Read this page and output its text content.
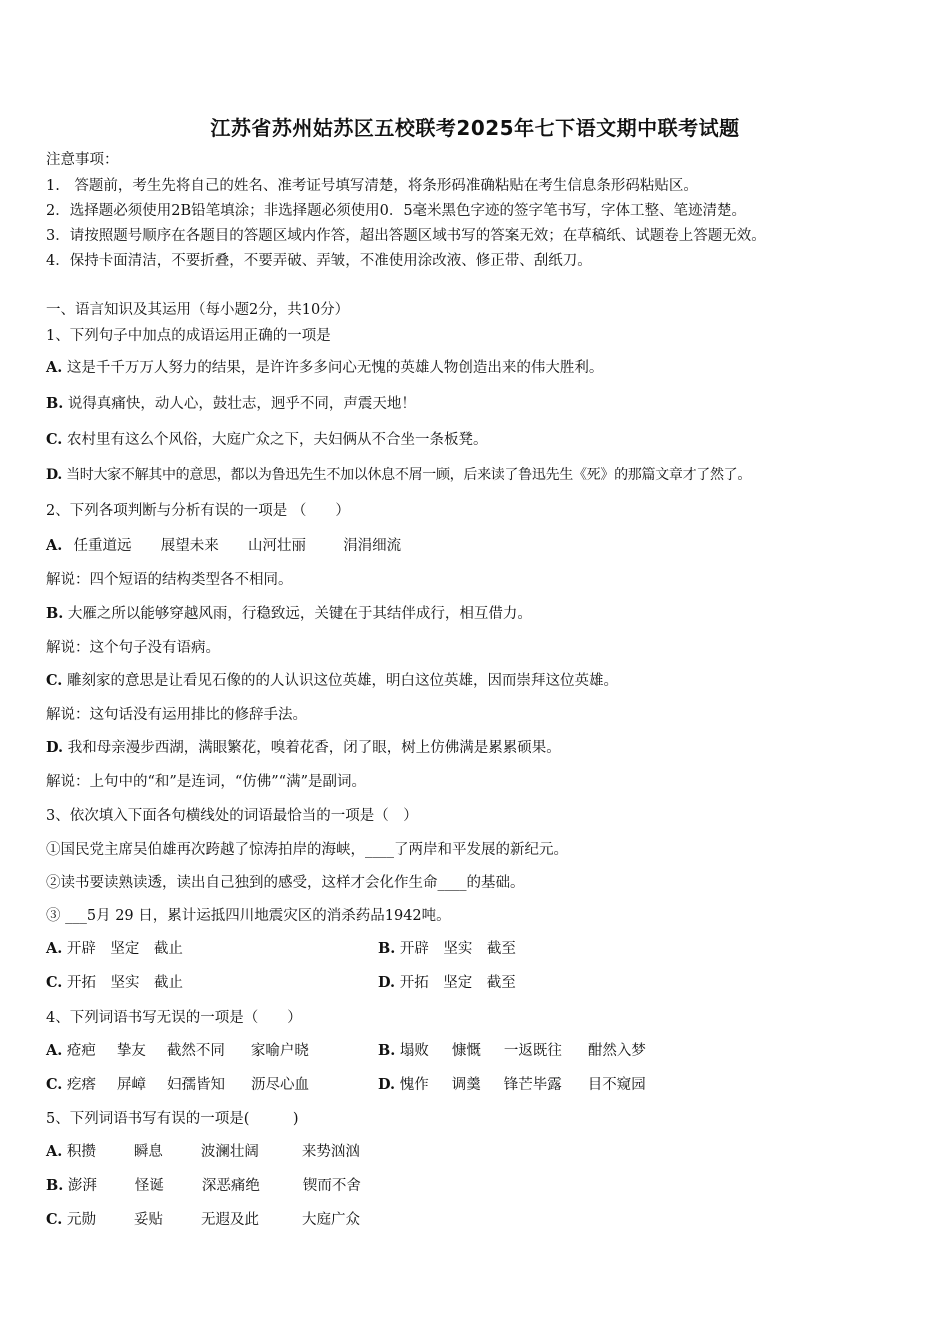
江苏省苏州姑苏区五校联考2025年七下语文期中联考试题
注意事项：
1.　答题前，考生先将自己的姓名、准考证号填写清楚，将条形码准确粘贴在考生信息条形码粘贴区。
2．选择题必须使用2B铅笔填涂；非选择题必须使用0．5毫米黑色字迹的签字笔书写，字体工整、笔迹清楚。
3．请按照题号顺序在各题目的答题区域内作答，超出答题区域书写的答案无效；在草稿纸、试题卷上答题无效。
4．保持卡面清洁，不要折叠，不要弄破、弄皱，不准使用涂改液、修正带、刮纸刀。
一、语言知识及其运用（每小题2分，共10分）
1、下列句子中加点的成语运用正确的一项是
A. 这是千千万万人努力的结果，是许许多多问心无愧的英雄人物创造出来的伟大胜利。
B. 说得真痛快，动人心，鼓壮志，迥乎不同，声震天地！
C. 农村里有这么个风俗，大庭广众之下，夫妇俩从不合坐一条板凳。
D. 当时大家不解其中的意思，都以为鲁迅先生不加以休息不屑一顾，后来读了鲁迅先生《死》的那篇文章才了然了。
2、下列各项判断与分析有误的一项是 （　　）
A. 任重道远 展望未来 山河壮丽	涓涓细流
解说：四个短语的结构类型各不相同。
B. 大雁之所以能够穿越风雨，行稳致远，关键在于其结伴成行，相互借力。
解说：这个句子没有语病。
C. 雕刻家的意思是让看见石像的的人认识这位英雄，明白这位英雄，因而崇拜这位英雄。
解说：这句话没有运用排比的修辞手法。
D. 我和母亲漫步西湖，满眼繁花，嗅着花香，闭了眼，树上仿佛满是累累硕果。
解说：上句中的“和”是连词，“仿佛”“满”是副词。
3、依次填入下面各句横线处的词语最恰当的一项是（　）
①国民党主席吴伯雄再次跨越了惊涛拍岸的海峡，____了两岸和平发展的新纪元。
②读书要读熟读透，读出自己独到的感受，这样才会化作生命____的基础。
③ ___5月 29 日，累计运抵四川地震灾区的消杀药品1942吨。
A. 开辟　坚定　截止	B. 开辟　坚实　截至
C. 开拓　坚实　截止	D. 开拓　坚定　截至
4、下列词语书写无误的一项是（　　）
A. 疮疤 挚友 截然不同 家喻户晓	B. 塌败 慷慨 一返既往 酣然入梦
C. 疙瘩 屏嶂 妇孺皆知 沥尽心血	D. 愧作 调羹 锋芒毕露 目不窥园
5、下列词语书写有误的一项是(　　　)
A. 积攒	瞬息	波澜壮阔	来势汹汹
B. 澎湃	怪诞	深恶痛绝	锲而不舍
C. 元勋	妥贴	无遐及此	大庭广众
